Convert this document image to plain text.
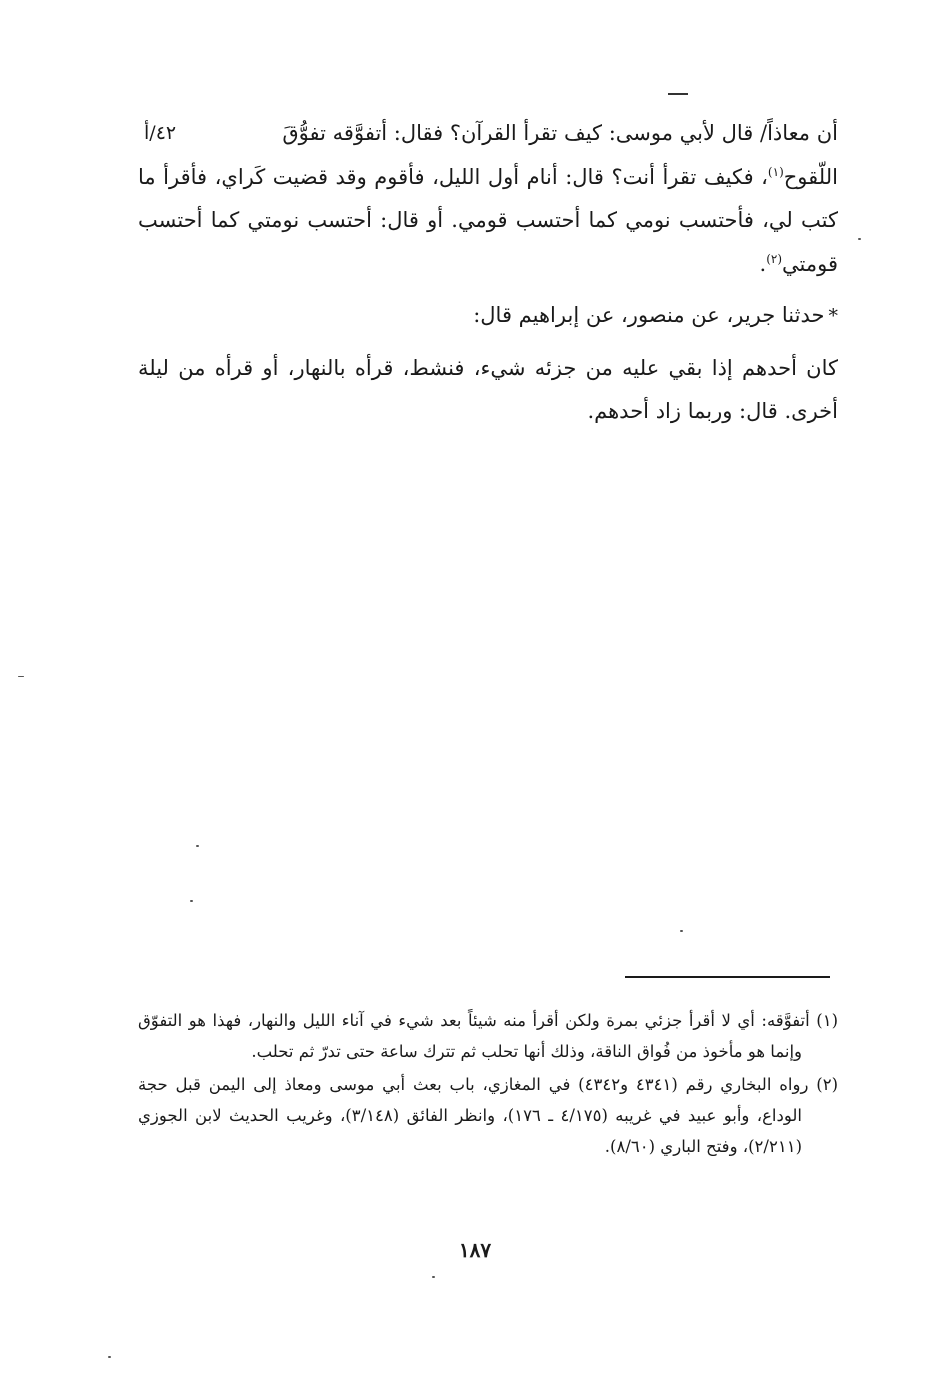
أن معاذاً/ قال لأبي موسى: كيف تقرأ القرآن؟ فقال: أتفوَّقه تفوُّقَ
٤٢/أ

اللّقوح$^{(١)}$، فكيف تقرأ أنت؟ قال: أنام أول الليل، فأقوم وقد قضيت كَراي، فأقرأ ما كتب لي، فأحتسب نومي كما أحتسب قومي. أو قال: أحتسب نومتي كما أحتسب قومتي$^{(٢)}$.

*حدثنا جرير، عن منصور، عن إبراهيم قال:

كان أحدهم إذا بقي عليه من جزئه شيء، فنشط، قرأه بالنهار، أو قرأه من ليلة أخرى. قال: وربما زاد أحدهم.

(١) أتفوَّقه: أي لا أقرأ جزئي بمرة ولكن أقرأ منه شيئاً بعد شيء في آناء الليل والنهار، فهذا هو التفوّق وإنما هو مأخوذ من فُواق الناقة، وذلك أنها تحلب ثم تترك ساعة حتى تدرّ ثم تحلب.

(٢) رواه البخاري رقم (٤٣٤١ و٤٣٤٢) في المغازي، باب بعث أبي موسى ومعاذ إلى اليمن قبل حجة الوداع، وأبو عبيد في غريبه (٤/١٧٥ ـ ١٧٦)، وانظر الفائق (٣/١٤٨)، وغريب الحديث لابن الجوزي (٢/٢١١)، وفتح الباري (٨/٦٠).

١٨٧
